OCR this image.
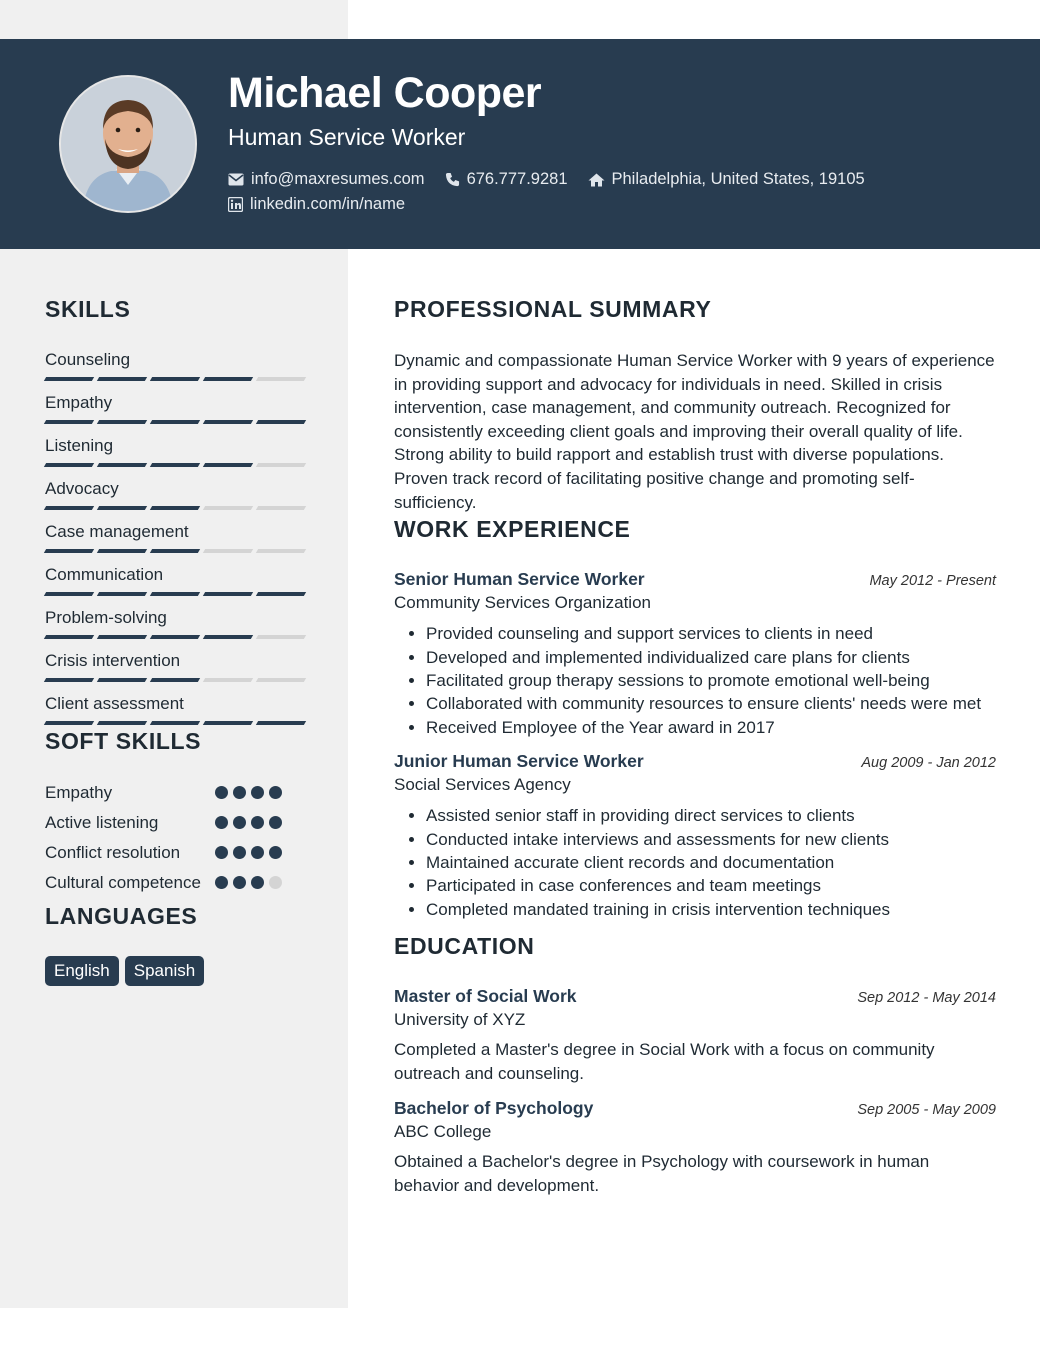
Michael Cooper
Human Service Worker
info@maxresumes.com	676.777.9281	Philadelphia, United States, 19105
linkedin.com/in/name
SKILLS
Counseling
Empathy
Listening
Advocacy
Case management
Communication
Problem-solving
Crisis intervention
Client assessment
SOFT SKILLS
Empathy
Active listening
Conflict resolution
Cultural competence
LANGUAGES
English	Spanish
PROFESSIONAL SUMMARY
Dynamic and compassionate Human Service Worker with 9 years of experience in providing support and advocacy for individuals in need. Skilled in crisis intervention, case management, and community outreach. Recognized for consistently exceeding client goals and improving their overall quality of life. Strong ability to build rapport and establish trust with diverse populations. Proven track record of facilitating positive change and promoting self-sufficiency.
WORK EXPERIENCE
Senior Human Service Worker	May 2012 - Present
Community Services Organization
• Provided counseling and support services to clients in need
• Developed and implemented individualized care plans for clients
• Facilitated group therapy sessions to promote emotional well-being
• Collaborated with community resources to ensure clients' needs were met
• Received Employee of the Year award in 2017
Junior Human Service Worker	Aug 2009 - Jan 2012
Social Services Agency
• Assisted senior staff in providing direct services to clients
• Conducted intake interviews and assessments for new clients
• Maintained accurate client records and documentation
• Participated in case conferences and team meetings
• Completed mandated training in crisis intervention techniques
EDUCATION
Master of Social Work	Sep 2012 - May 2014
University of XYZ
Completed a Master's degree in Social Work with a focus on community outreach and counseling.
Bachelor of Psychology	Sep 2005 - May 2009
ABC College
Obtained a Bachelor's degree in Psychology with coursework in human behavior and development.
